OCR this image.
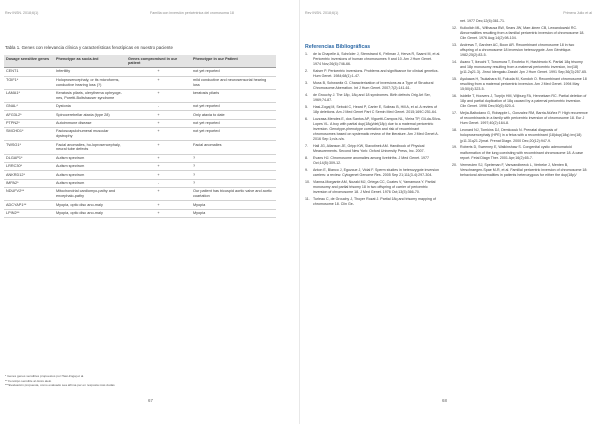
Rev INSN. 2018;6(1)	Familia con inversión pericéntrica del cromosoma 18
Tabla 1. Genes con relevancia clínica y características fenotípicas en nuestro paciente
Dosage sensitive genes	Phenotype as socia-ted	Genes compromised in our patient	Phenotype in our Patient
CENT1	Infertility	+	not yet reported
TGIF1*	Holoprosencephaly, or its microforms, conductive hearing loss (?)	+	mild conductive and neurosensorial hearing loss
LAMA1*	Keratosis pilaris, ulerythema ophryoge-nes, Poretti-Boltshauser syndrome	+	keratosis pilaris
GNAL*	Dystonia	-	not yet reported
AFG3L2*	Spinocerebellar ataxia (type 28)	+	Only ataxia to date
PTPN2*	Autoimmune disease	+	not yet reported
SMCHD1*	Facioscapulohumeral muscular dystrophy	+	not yet reported
TWSG1*	Facial anomalies, ho-loprosencephaly, neural tube defects	+	Facial anomalies
DLGAP1*	Autism spectrum	+	?
LRRC30*	Autism spectrum	+	?
ANKRD12*	Autism spectrum	+	?
IMPA2*	Autism spectrum	-	?
NDUFV2**	Mitochondrial cardiomyo-pathy and encephalo-pathy	+	Our patient has bicuspid aortic valve and aortic coartation
ADCYAP1**	Myopia, optic disc ano-maly	+	Myopia
LPIN2**	Myopia, optic disc ano-maly	+	Myopia
* Genes genes sensibles propuestos por Hasi-Zogaj et al.
** Fenotipo sensible al dosis alelo
***Evaluación propuesta, como evaluado sea afirma per en resposta más dudas
67
Rev INSN. 2018;6(1)	Primera Julio et al
Referencias Bibliográficas
1.	de la Chapelle A, Schröder J, Stenstrand K, Fellman J, Herva R, Saarni M, et al. Pericentric inversions of human chromosomes 9 and 10. Am J Hum Genet. 1974 Nov;26(6):746-66.
2.	Kaiser P. Pericentric inversions. Problems and significance for clinical genetics. Hum Genet. 1984;68(1):1-47.
3.	Muss B, Schwanitz G. Characterization of inversions as a Type of Structural Chromosome Aberration. Int J Hum Genet. 2007;7(2):141-61.
4.	de Grouchy J. The 18p, 18q and 18 syndromes. Birth defects Orig Art Ser, 1969;74-87.
5.	Hasi-Zogaj M, Sebold C, Heard P, Carter E, Soileau B, Hill A, et al. A review of 18p deletions. Am J Med Genet Part C Semin Med Genet. 2015;169C:251-64.
6.	Luzzasa-Mendes E, dos Santos AP, Viguetti-Campos NL, Vieira TP, Gil-da-Silva-Lopes VL. A boy with partial dup(18q)/del(18p) due to a maternal pericentric inversion. Genotype-phenotype correlation and risk of recombinant chromosomes based on systematic review of the literature. Am J Med Genet A. 2016 Sep 1;n/a-n/a.
7.	Hall JG, Allanson JE, Gripp KW, Slavotinek AM. Handbook of Physical Measurements. Second New York: Oxford University Press, Inc. 2007.
8.	Evans HJ. Chromosome anomalies among livebirths. J Med Genet. 1977 Oct;14(5):309-12.
9.	Anton E, Blanco J, Egozcue J, Vidal F. Sperm studies in heterozygote inversion carriers: a review. Cytogenet Genome Res. 2005 Sep 21;111(3-4):297-304.
10. Vianna-Morgante AM, Nozaki MJ, Ortega CC, Coates V, Yamamura Y. Partial monosomy and partial trisomy 18 in two offspring of carrier of pericentric inversion of chromosome 18. J Med Genet. 1976 Oct;13(5):366-70.
11. Turleau C, de Grouchy J, Thoyer Rozat J. Partial 18q and trisomy mapping of chromosome 18. Clin Ge-
net. 1977 Dec;12(6):361-71.
12. Kulkolich ML, Wilhausa BW, Sears JW, Marr-kinen CB, Lewandowski RC. Abnormalities resulting from a familial pericentric inversion of chromosome 18. Clin Genet. 1976 Aug;14(2):98-104.
13. Andrews T, Gardner AC, Boon AR. Recombinant chromosome 18 in two offspring of a chromosome 18 inversion heterozygote. Ann Génétique. 1982;25(2):83-5.
14. Asano T, Ikeuchi T, Tonomura T, Enoteko H, Hashimoto K. Partial 18q trisomy and 18p monosomy resulting from a maternal pericentric inversion, inv(18)(p11.2q21.3). Jinrui Idengaku Zasshi Jpn J Hum Genet. 1991 Sep;36(3):257-65.
15. Ayukawa H, Tsukahara M, Fukuda M, Kondoh O. Recombinant chromosome 18 resulting from a maternal pericentric inversion. Am J Med Genet. 1994 May 15;50(4):323-5.
16. Isidelle T, Hoovers J, Turpijn HM, Wijburg FA, Hennekam RC. Partial deletion of 18p and partial duplication of 18q caused by a paternal pericentric inversion. Clin Genet. 1996 Dec;50(6):520-4.
17. Mejía-Baltodano G, Robapple L, Gonzalez RM, Barria-Núñez P. High recurrence of recombinants in a family with pericentric inversion of chromosome 18. Eur J Hum Genet. 1997;40(2):164-8.
18. Leonard NJ, Tomkins DJ, Demkocuk N. Prenatal diagnosis of holoprosencephaly (HPE) in a fetus with a recombinant (18)dup(18q) inv(18)(p11.31q21.2)mat. Prenat Diagn. 2000 Dec;20(12):947-9.
19. Roberts D, Sweeney E, Walkinshaw S. Congenital cystic adenomatoid malformation of the lung coexisting with recombinant chromosome 18. A case report. Fetal Diagn Ther. 2001 Apr;16(2):65-7.
20. Vermeulen SJ, Speleman F, Vanvandbeeck L, Verbeke J, Menten B, Verschraegen-Spae M-R, et al. Familial pericentric inversion of chromosome 18: behavioral abnormalities in patients heterozygous for either the dup(18p)/
68
